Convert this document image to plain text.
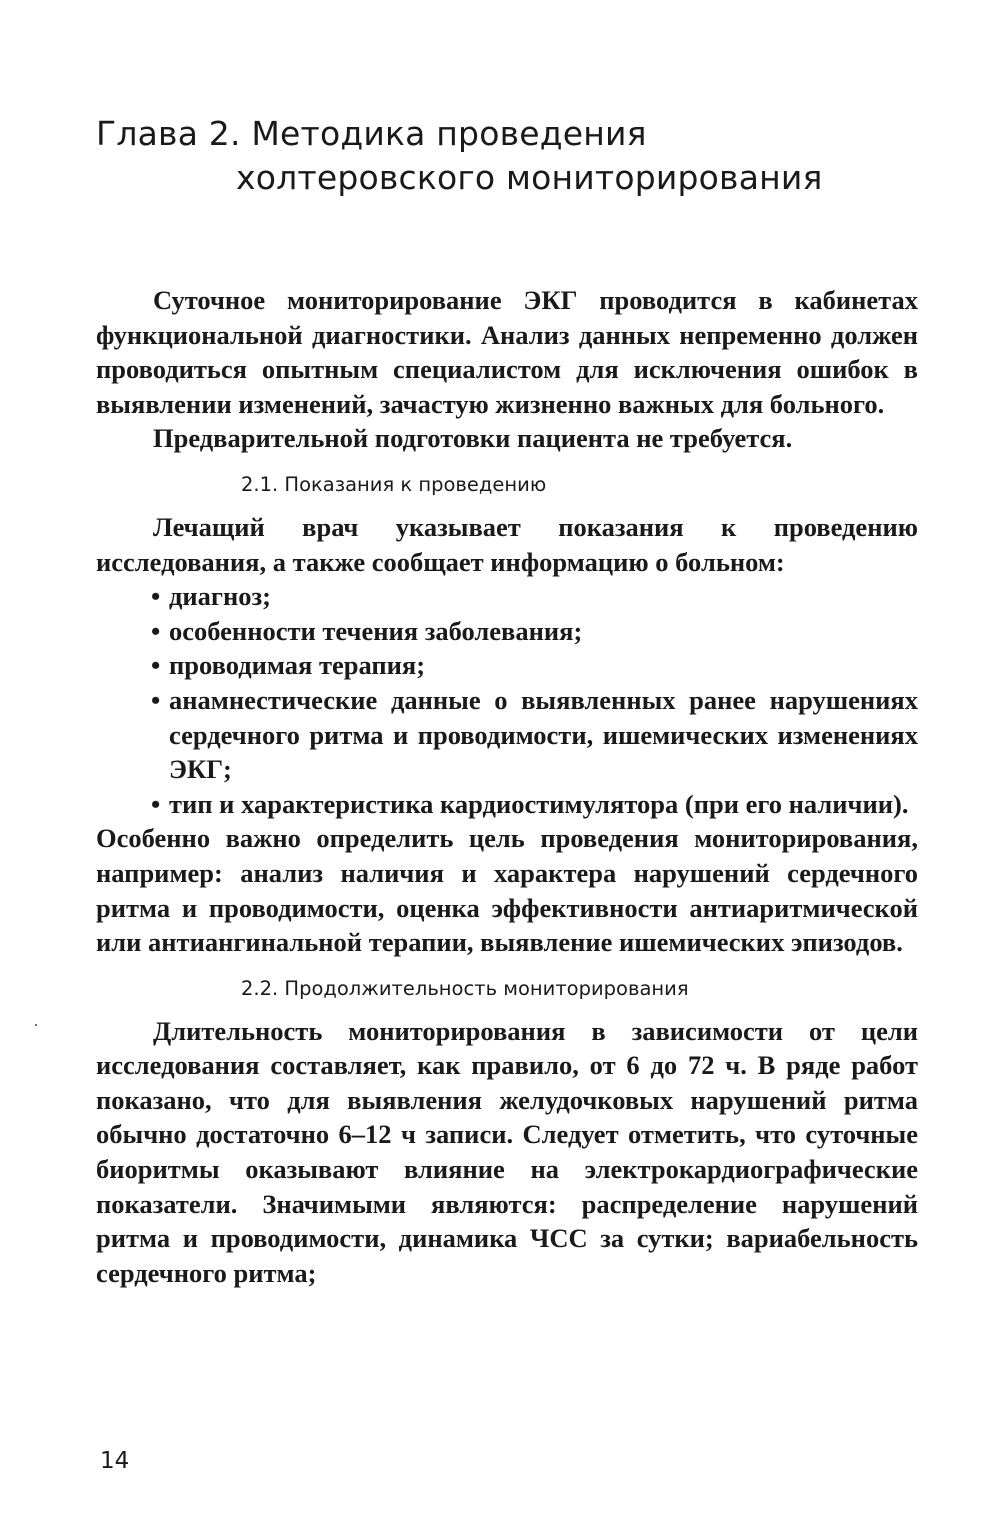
Глава 2. Методика проведения
холтеровского мониторирования

Суточное мониторирование ЭКГ проводится в кабинетах функциональной диагностики. Анализ данных непременно должен проводиться опытным специалистом для исключения ошибок в выявлении изменений, зачастую жизненно важных для больного.

Предварительной подготовки пациента не требуется.

2.1. Показания к проведению

Лечащий врач указывает показания к проведению исследования, а также сообщает информацию о больном:

• диагноз;
• особенности течения заболевания;
• проводимая терапия;
• анамнестические данные о выявленных ранее нарушениях сердечного ритма и проводимости, ишемических изменениях ЭКГ;
• тип и характеристика кардиостимулятора (при его наличии).

Особенно важно определить цель проведения мониторирования, например: анализ наличия и характера нарушений сердечного ритма и проводимости, оценка эффективности антиаритмической или антиангинальной терапии, выявление ишемических эпизодов.

2.2. Продолжительность мониторирования

Длительность мониторирования в зависимости от цели исследования составляет, как правило, от 6 до 72 ч. В ряде работ показано, что для выявления желудочковых нарушений ритма обычно достаточно 6–12 ч записи. Следует отметить, что суточные биоритмы оказывают влияние на электрокардиографические показатели. Значимыми являются: распределение нарушений ритма и проводимости, динамика ЧСС за сутки; вариабельность сердечного ритма;

14
